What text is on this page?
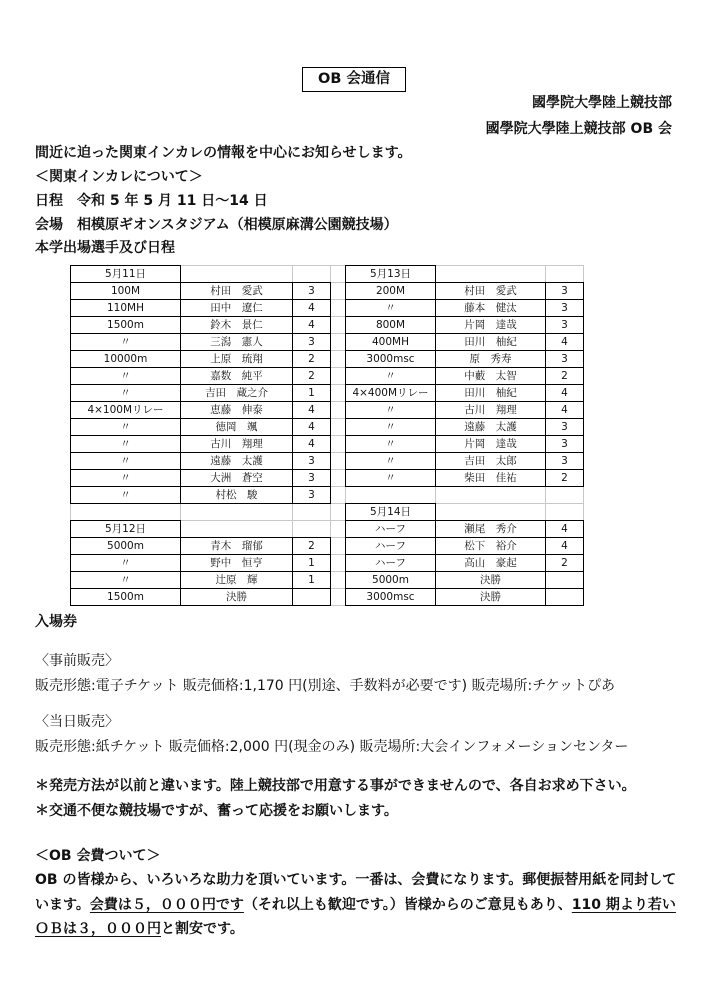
OB 会通信
國學院大學陸上競技部
國學院大學陸上競技部 OB 会
間近に迫った関東インカレの情報を中心にお知らせします。
＜関東インカレについて＞
日程 令和 5 年 5 月 11 日～14 日
会場 相模原ギオンスタジアム（相模原麻溝公園競技場）
本学出場選手及び日程
5月11日
100M	村田　愛武	3
110MH	田中　遼仁	4
1500m	鈴木　景仁	4
〃	三潟　憲人	3
10000m	上原　琉翔	2
〃	嘉数　純平	2
〃	吉田　蔵之介	1
4×100Mリレー	恵藤　伸泰	4
〃	徳岡　颯	4
〃	古川　翔理	4
〃	遠藤　太護	3
〃	大洲　蒼空	3
〃	村松　駿	3
5月12日
5000m	青木　瑠郁	2
〃	野中　恒亨	1
〃	辻原　輝	1
1500m	決勝
5月13日
200M	村田　愛武	3
〃	藤本　健汰	3
800M	片岡　達哉	3
400MH	田川　柚紀	4
3000msc	原　秀寿	3
〃	中藪　太智	2
4×400Mリレー	田川　柚紀	4
〃	古川　翔理	4
〃	遠藤　太護	3
〃	片岡　達哉	3
〃	吉田　太郎	3
〃	柴田　佳祐	2
5月14日
ハーフ	瀬尾　秀介	4
ハーフ	松下　裕介	4
ハーフ	高山　豪起	2
5000m	決勝
3000msc	決勝
入場券
〈事前販売〉
販売形態:電子チケット 販売価格:1,170 円(別途、手数料が必要です) 販売場所:チケットぴあ
〈当日販売〉
販売形態:紙チケット 販売価格:2,000 円(現金のみ) 販売場所:大会インフォメーションセンター
＊発売方法が以前と違います。陸上競技部で用意する事ができませんので、各自お求め下さい。
＊交通不便な競技場ですが、奮って応援をお願いします。
＜OB 会費ついて＞
OB の皆様から、いろいろな助力を頂いています。一番は、会費になります。郵便振替用紙を同封して
います。会費は５，０００円です（それ以上も歓迎です。）皆様からのご意見もあり、110 期より若い
ＯＢは３，０００円と割安です。
